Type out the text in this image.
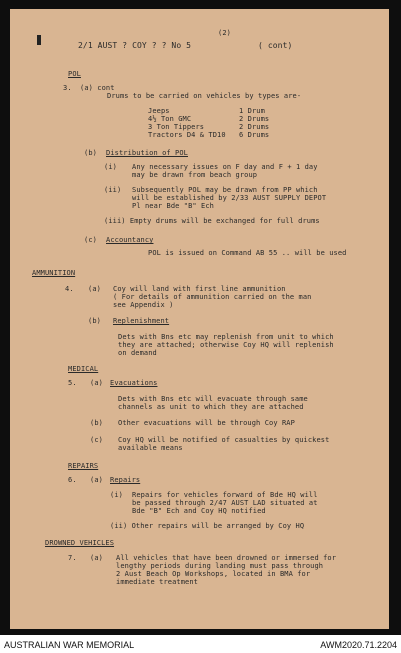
(2)
2/1 AUST ? COY ? ? No 5	( cont)
POL
3. (a) cont
Drums to be carried on vehicles by types are-
Jeeps	1 Drum
4½ Ton GMC	2 Drums
3 Ton Tippers	2 Drums
Tractors D4 & TD10 6 Drums
(b) Distribution of POL
(i) Any necessary issues on F day and F + 1 day
may be drawn from beach group
(ii) Subsequently POL may be drawn from PP which
will be established by 2/33 AUST SUPPLY DEPOT
Pl near Bde "B" Ech
(iii) Empty drums will be exchanged for full drums
(c) Accountancy
POL is issued on Command AB 55 .. will be used
AMMUNITION
4. (a) Coy will land with first line ammunition
( For details of ammunition carried on the man
see Appendix )
(b) Replenishment
Dets with Bns etc may replenish from unit to which
they are attached; otherwise Coy HQ will replenish
on demand
MEDICAL
5. (a) Evacuations
Dets with Bns etc will evacuate through same
channels as unit to which they are attached
(b) Other evacuations will be through Coy RAP
(c) Coy HQ will be notified of casualties by quickest
available means
REPAIRS
6. (a) Repairs
(i) Repairs for vehicles forward of Bde HQ will
be passed through 2/47 AUST LAD situated at
Bde "B" Ech and Coy HQ notified
(ii) Other repairs will be arranged by Coy HQ
DROWNED VEHICLES
7. (a) All vehicles that have been drowned or immersed for
lengthy periods during landing must pass through
2 Aust Beach Op Workshops, located in BMA for
immediate treatment
AUSTRALIAN WAR MEMORIAL	AWM2020.71.2204
